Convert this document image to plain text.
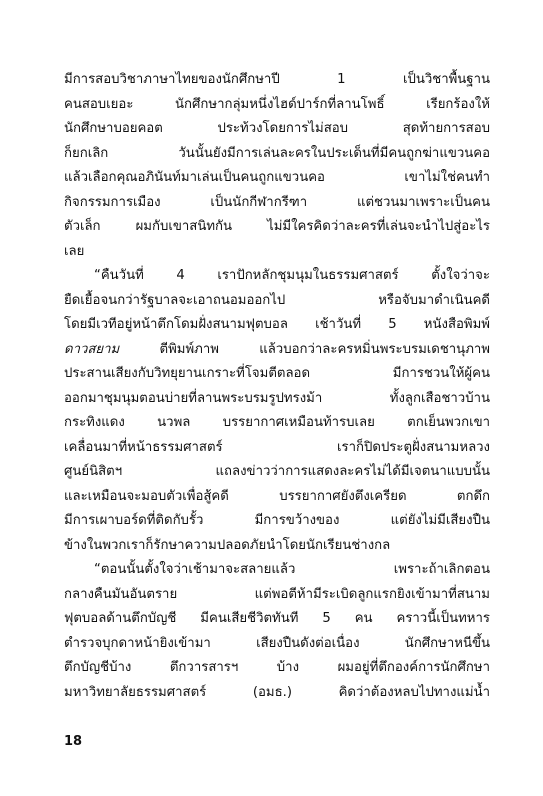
มีการสอบวิชาภาษาไทยของนักศึกษาปี 1 เป็นวิชาพื้นฐาน
คนสอบเยอะ นักศึกษากลุ่มหนึ่งไฮด์ปาร์กที่ลานโพธิ์ เรียกร้องให้
นักศึกษาบอยคอต ประท้วงโดยการไม่สอบ สุดท้ายการสอบ
ก็ยกเลิก วันนั้นยังมีการเล่นละครในประเด็นที่มีคนถูกฆ่าแขวนคอ
แล้วเลือกคุณอภินันท์มาเล่นเป็นคนถูกแขวนคอ เขาไม่ใช่คนทำ
กิจกรรมการเมือง เป็นนักกีฬากรีฑา แต่ชวนมาเพราะเป็นคน
ตัวเล็ก ผมกับเขาสนิทกัน ไม่มีใครคิดว่าละครที่เล่นจะนำไปสู่อะไร
เลย
“คืนวันที่ 4 เราปักหลักชุมนุมในธรรมศาสตร์ ตั้งใจว่าจะ
ยืดเยื้อจนกว่ารัฐบาลจะเอาถนอมออกไป หรือจับมาดำเนินคดี
โดยมีเวทีอยู่หน้าตึกโดมฝั่งสนามฟุตบอล เช้าวันที่ 5 หนังสือพิมพ์
ดาวสยาม ตีพิมพ์ภาพ แล้วบอกว่าละครหมิ่นพระบรมเดชานุภาพ
ประสานเสียงกับวิทยุยานเกราะที่โจมตีตลอด มีการชวนให้ผู้คน
ออกมาชุมนุมตอนบ่ายที่ลานพระบรมรูปทรงม้า ทั้งลูกเสือชาวบ้าน
กระทิงแดง นวพล บรรยากาศเหมือนท้ารบเลย ตกเย็นพวกเขา
เคลื่อนมาที่หน้าธรรมศาสตร์ เราก็ปิดประตูฝั่งสนามหลวง
ศูนย์นิสิตฯ แถลงข่าวว่าการแสดงละครไม่ได้มีเจตนาแบบนั้น
และเหมือนจะมอบตัวเพื่อสู้คดี บรรยากาศยังตึงเครียด ตกดึก
มีการเผาบอร์ดที่ติดกับรั้ว มีการขว้างของ แต่ยังไม่มีเสียงปืน
ข้างในพวกเราก็รักษาความปลอดภัยนำโดยนักเรียนช่างกล
“ตอนนั้นตั้งใจว่าเช้ามาจะสลายแล้ว เพราะถ้าเลิกตอน
กลางคืนมันอันตราย แต่พอตีห้ามีระเบิดลูกแรกยิงเข้ามาที่สนาม
ฟุตบอลด้านตึกบัญชี มีคนเสียชีวิตทันที 5 คน คราวนี้เป็นทหาร
ตำรวจบุกดาหน้ายิงเข้ามา เสียงปืนดังต่อเนื่อง นักศึกษาหนีขึ้น
ตึกบัญชีบ้าง ตึกวารสารฯ บ้าง ผมอยู่ที่ตึกองค์การนักศึกษา
มหาวิทยาลัยธรรมศาสตร์ (อมธ.) คิดว่าต้องหลบไปทางแม่น้ำ
18
